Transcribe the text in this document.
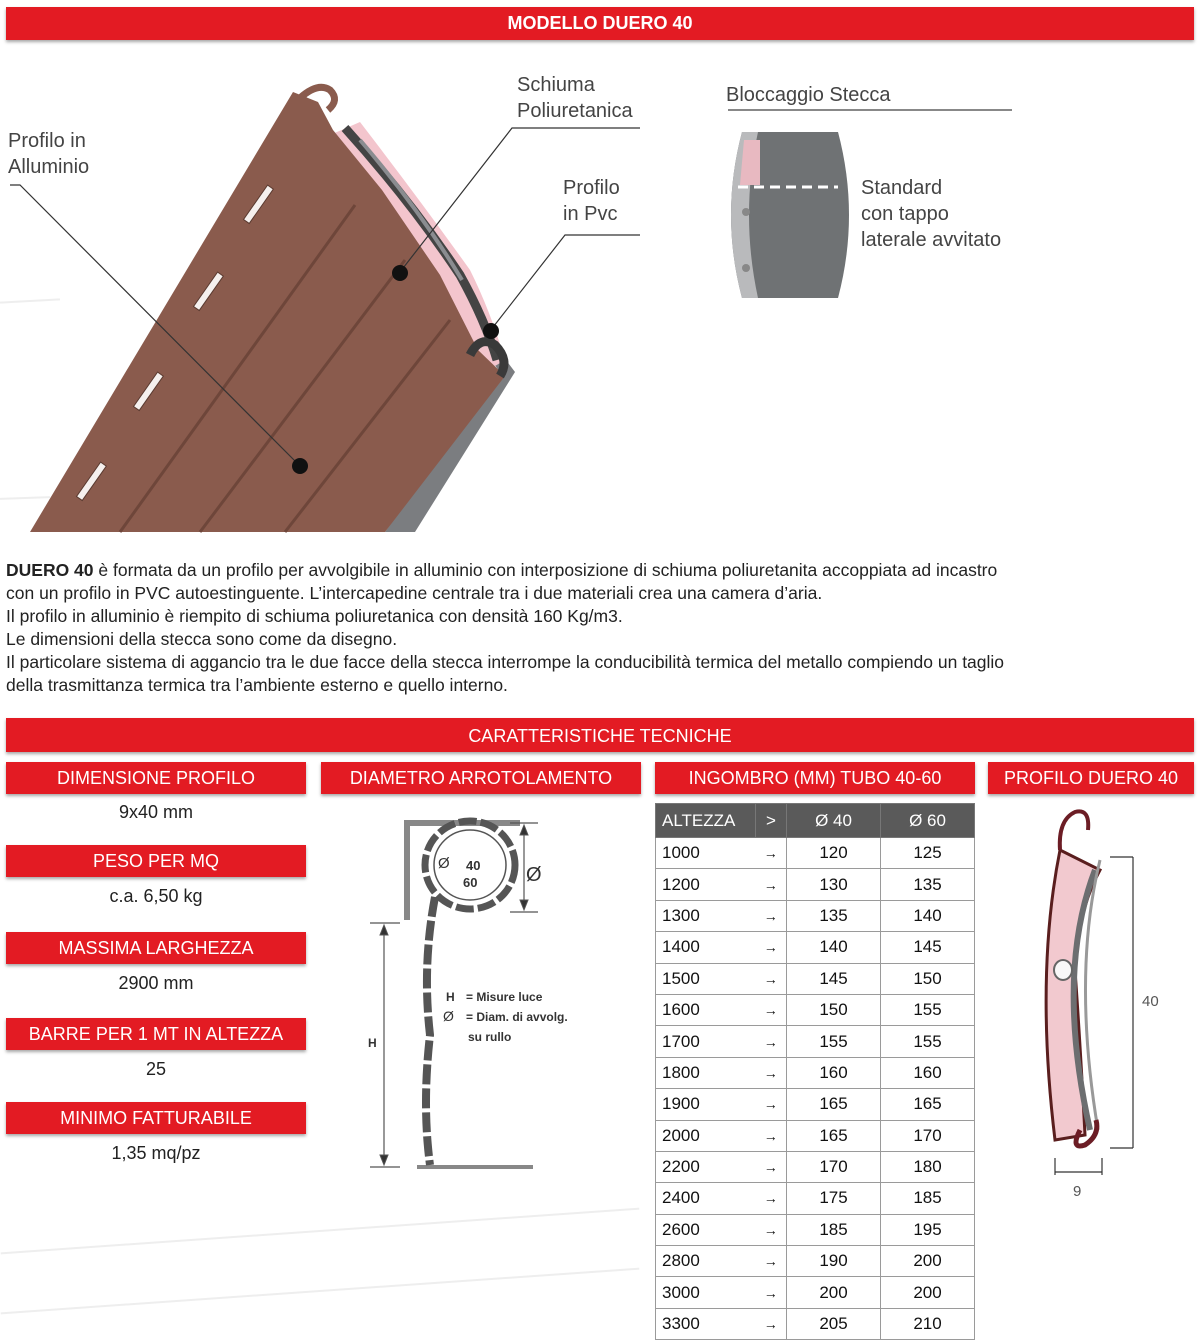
MODELLO DUERO 40
Profilo in
Alluminio
Schiuma
Poliuretanica
Profilo
in Pvc
Bloccaggio Stecca
Standard
con tappo
laterale avvitato

DUERO 40 è formata da un profilo per avvolgibile in alluminio con interposizione di schiuma poliuretanita accoppiata ad incastro

con un profilo in PVC autoestinguente. L’intercapedine centrale tra i due materiali crea una camera d’aria.

Il profilo in alluminio è riempito di schiuma poliuretanica con densità 160 Kg/m3.

Le dimensioni della stecca sono come da disegno.

Il particolare sistema di aggancio tra le due facce della stecca interrompe la conducibilità termica del metallo compiendo un taglio

della trasmittanza termica tra l’ambiente esterno e quello interno.

CARATTERISTICHE TECNICHE
DIMENSIONE PROFILO	DIAMETRO ARROTOLAMENTO	INGOMBRO (MM) TUBO 40-60	PROFILO DUERO 40
9x40 mm
PESO PER MQ
c.a. 6,50 kg
MASSIMA LARGHEZZA
2900 mm
BARRE PER 1 MT IN ALTEZZA
25
MINIMO FATTURABILE
1,35 mq/pz
Ø 40
60 Ø
H
H = Misure luce
Ø = Diam. di avvolg.
su rullo
ALTEZZA	>	Ø 40	Ø 60
1000	→	120	125
1200	→	130	135
1300	→	135	140
1400	→	140	145
1500	→	145	150
1600	→	150	155
1700	→	155	155
1800	→	160	160
1900	→	165	165
2000	→	165	170
2200	→	170	180
2400	→	175	185
2600	→	185	195
2800	→	190	200
3000	→	200	200
3300	→	205	210
40
9
